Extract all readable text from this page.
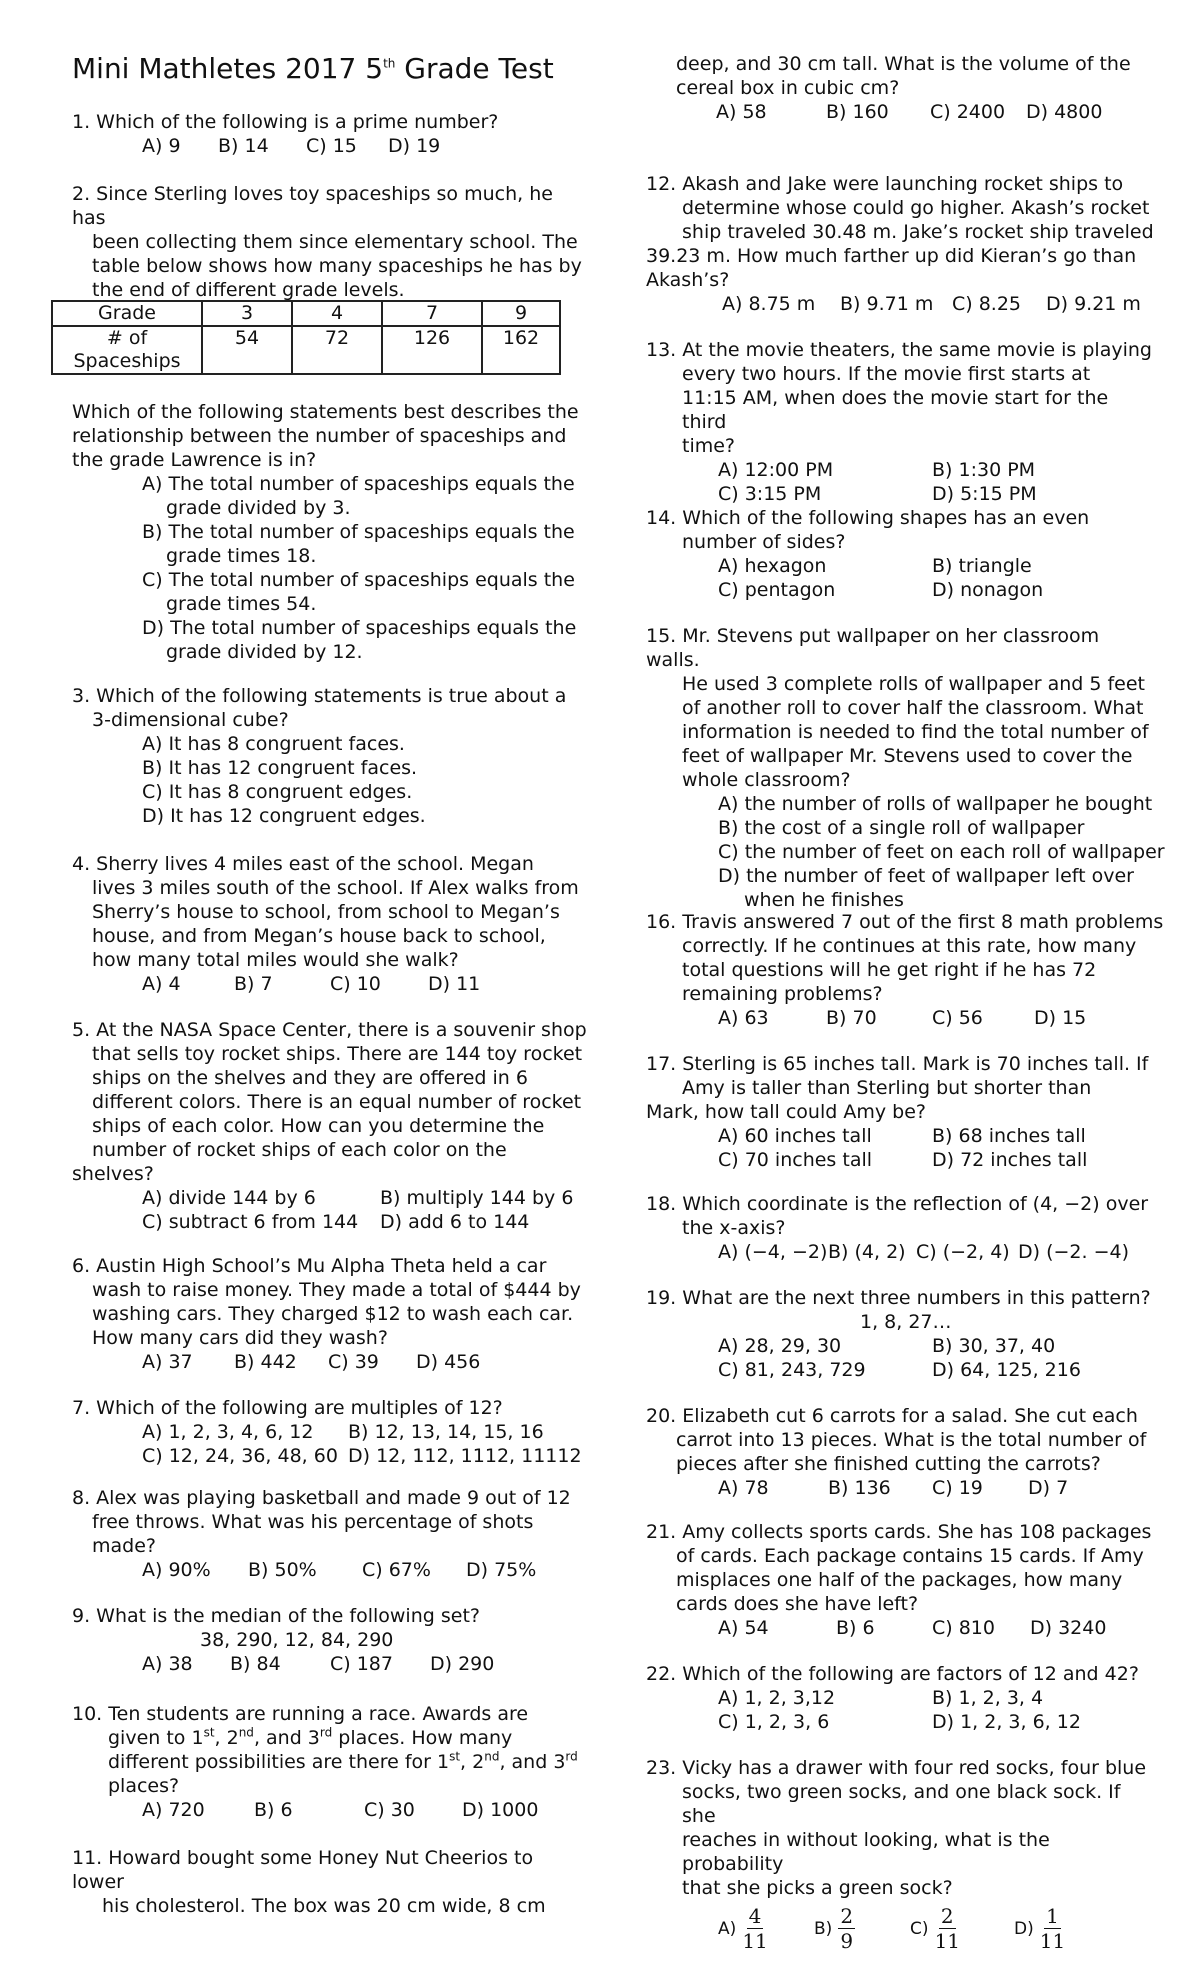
Mini Mathletes 2017 5th Grade Test
1. Which of the following is a prime number?
A) 9	B) 14	C) 15	D) 19
2. Since Sterling loves toy spaceships so much, he has
been collecting them since elementary school. The
table below shows how many spaceships he has by
the end of different grade levels.
Grade	3	4	7	9
# of Spaceships	54	72	126	162
Which of the following statements best describes the
relationship between the number of spaceships and
the grade Lawrence is in?
A) The total number of spaceships equals the
grade divided by 3.
B) The total number of spaceships equals the
grade times 18.
C) The total number of spaceships equals the
grade times 54.
D) The total number of spaceships equals the
grade divided by 12.
3. Which of the following statements is true about a
3-dimensional cube?
A) It has 8 congruent faces.
B) It has 12 congruent faces.
C) It has 8 congruent edges.
D) It has 12 congruent edges.
4. Sherry lives 4 miles east of the school. Megan
lives 3 miles south of the school. If Alex walks from
Sherry’s house to school, from school to Megan’s
house, and from Megan’s house back to school,
how many total miles would she walk?
A) 4	B) 7	C) 10	D) 11
5. At the NASA Space Center, there is a souvenir shop
that sells toy rocket ships. There are 144 toy rocket
ships on the shelves and they are offered in 6
different colors. There is an equal number of rocket
ships of each color. How can you determine the
number of rocket ships of each color on the
shelves?
A) divide 144 by 6	B) multiply 144 by 6
C) subtract 6 from 144	D) add 6 to 144
6. Austin High School’s Mu Alpha Theta held a car
wash to raise money. They made a total of $444 by
washing cars. They charged $12 to wash each car.
How many cars did they wash?
A) 37	B) 442	C) 39	D) 456
7. Which of the following are multiples of 12?
A) 1, 2, 3, 4, 6, 12	B) 12, 13, 14, 15, 16
C) 12, 24, 36, 48, 60 D) 12, 112, 1112, 11112
8. Alex was playing basketball and made 9 out of 12
free throws. What was his percentage of shots
made?
A) 90%	B) 50%	C) 67%	D) 75%
9. What is the median of the following set?
38, 290, 12, 84, 290
A) 38	B) 84	C) 187	D) 290
10. Ten students are running a race. Awards are
given to 1st, 2nd, and 3rd places. How many
different possibilities are there for 1st, 2nd, and 3rd
places?
A) 720	B) 6	C) 30	D) 1000
11. Howard bought some Honey Nut Cheerios to
lower
his cholesterol. The box was 20 cm wide, 8 cm
deep, and 30 cm tall. What is the volume of the
cereal box in cubic cm?
A) 58	B) 160	C) 2400	D) 4800
12. Akash and Jake were launching rocket ships to
determine whose could go higher. Akash’s rocket
ship traveled 30.48 m. Jake’s rocket ship traveled
39.23 m. How much farther up did Kieran’s go than
Akash’s?
A) 8.75 m	B) 9.71 m C) 8.25	D) 9.21 m
13. At the movie theaters, the same movie is playing
every two hours. If the movie first starts at
11:15 AM, when does the movie start for the third
time?
A) 12:00 PM	B) 1:30 PM
C) 3:15 PM	D) 5:15 PM
14. Which of the following shapes has an even
number of sides?
A) hexagon	B) triangle
C) pentagon	D) nonagon
15. Mr. Stevens put wallpaper on her classroom walls.
He used 3 complete rolls of wallpaper and 5 feet
of another roll to cover half the classroom. What
information is needed to find the total number of
feet of wallpaper Mr. Stevens used to cover the
whole classroom?
A) the number of rolls of wallpaper he bought
B) the cost of a single roll of wallpaper
C) the number of feet on each roll of wallpaper
D) the number of feet of wallpaper left over
when he finishes
16. Travis answered 7 out of the first 8 math problems
correctly. If he continues at this rate, how many
total questions will he get right if he has 72
remaining problems?
A) 63	B) 70	C) 56	D) 15
17. Sterling is 65 inches tall. Mark is 70 inches tall. If
Amy is taller than Sterling but shorter than
Mark, how tall could Amy be?
A) 60 inches tall	B) 68 inches tall
C) 70 inches tall	D) 72 inches tall
18. Which coordinate is the reflection of (4, −2) over
the x-axis?
A) (−4, −2) B) (4, 2) C) (−2, 4) D) (−2. −4)
19. What are the next three numbers in this pattern?
1, 8, 27…
A) 28, 29, 30	B) 30, 37, 40
C) 81, 243, 729	D) 64, 125, 216
20. Elizabeth cut 6 carrots for a salad. She cut each
carrot into 13 pieces. What is the total number of
pieces after she finished cutting the carrots?
A) 78	B) 136	C) 19	D) 7
21. Amy collects sports cards. She has 108 packages
of cards. Each package contains 15 cards. If Amy
misplaces one half of the packages, how many
cards does she have left?
A) 54	B) 6	C) 810	D) 3240
22. Which of the following are factors of 12 and 42?
A) 1, 2, 3,12	B) 1, 2, 3, 4
C) 1, 2, 3, 6	D) 1, 2, 3, 6, 12
23. Vicky has a drawer with four red socks, four blue
socks, two green socks, and one black sock. If she
reaches in without looking, what is the probability
that she picks a green sock?
$A) \frac{4}{11}$	$B) \frac{2}{9}$	$C) \frac{2}{11}$	$D) \frac{1}{11}$
